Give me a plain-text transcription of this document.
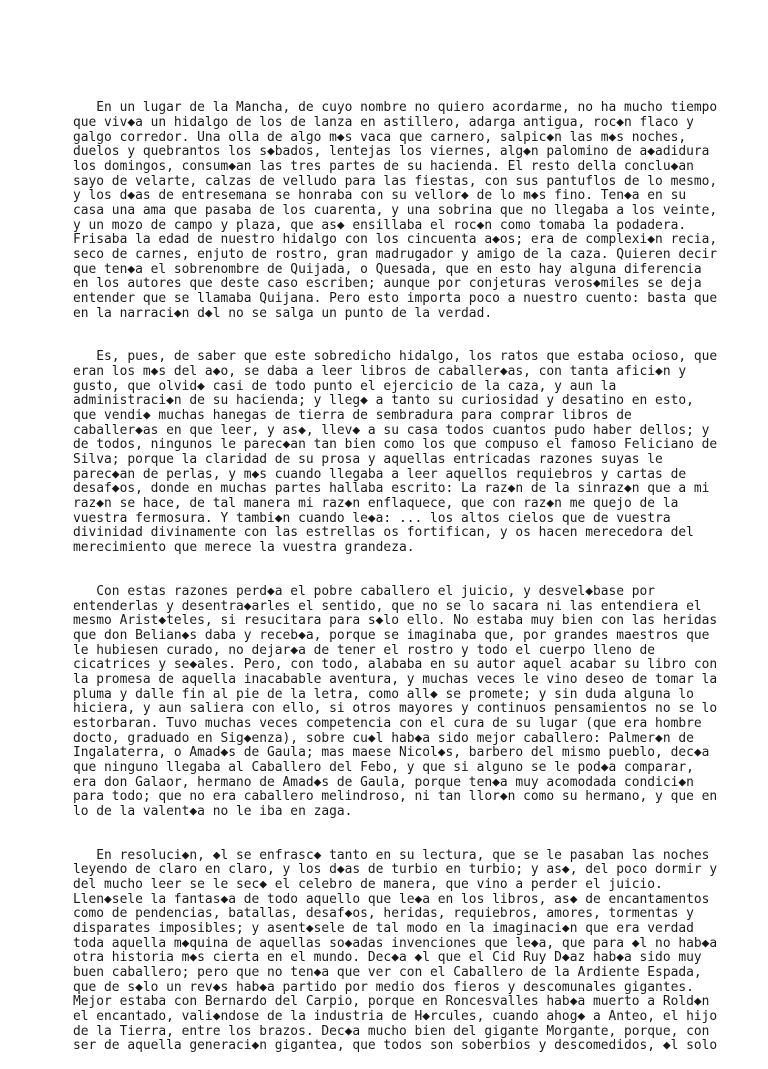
En un lugar de la Mancha, de cuyo nombre no quiero acordarme, no ha mucho tiempo
que viv◆a un hidalgo de los de lanza en astillero, adarga antigua, roc◆n flaco y
galgo corredor. Una olla de algo m◆s vaca que carnero, salpic◆n las m◆s noches,
duelos y quebrantos los s◆bados, lentejas los viernes, alg◆n palomino de a◆adidura
los domingos, consum◆an las tres partes de su hacienda. El resto della conclu◆an
sayo de velarte, calzas de velludo para las fiestas, con sus pantuflos de lo mesmo,
y los d◆as de entresemana se honraba con su vellor◆ de lo m◆s fino. Ten◆a en su
casa una ama que pasaba de los cuarenta, y una sobrina que no llegaba a los veinte,
y un mozo de campo y plaza, que as◆ ensillaba el roc◆n como tomaba la podadera.
Frisaba la edad de nuestro hidalgo con los cincuenta a◆os; era de complexi◆n recia,
seco de carnes, enjuto de rostro, gran madrugador y amigo de la caza. Quieren decir
que ten◆a el sobrenombre de Quijada, o Quesada, que en esto hay alguna diferencia
en los autores que deste caso escriben; aunque por conjeturas veros◆miles se deja
entender que se llamaba Quijana. Pero esto importa poco a nuestro cuento: basta que
en la narraci◆n d◆l no se salga un punto de la verdad.

Es, pues, de saber que este sobredicho hidalgo, los ratos que estaba ocioso, que
eran los m◆s del a◆o, se daba a leer libros de caballer◆as, con tanta afici◆n y
gusto, que olvid◆ casi de todo punto el ejercicio de la caza, y aun la
administraci◆n de su hacienda; y lleg◆ a tanto su curiosidad y desatino en esto,
que vendi◆ muchas hanegas de tierra de sembradura para comprar libros de
caballer◆as en que leer, y as◆, llev◆ a su casa todos cuantos pudo haber dellos; y
de todos, ningunos le parec◆an tan bien como los que compuso el famoso Feliciano de
Silva; porque la claridad de su prosa y aquellas entricadas razones suyas le
parec◆an de perlas, y m◆s cuando llegaba a leer aquellos requiebros y cartas de
desaf◆os, donde en muchas partes hallaba escrito: La raz◆n de la sinraz◆n que a mi
raz◆n se hace, de tal manera mi raz◆n enflaquece, que con raz◆n me quejo de la
vuestra fermosura. Y tambi◆n cuando le◆a: ... los altos cielos que de vuestra
divinidad divinamente con las estrellas os fortifican, y os hacen merecedora del
merecimiento que merece la vuestra grandeza.

Con estas razones perd◆a el pobre caballero el juicio, y desvel◆base por
entenderlas y desentra◆arles el sentido, que no se lo sacara ni las entendiera el
mesmo Arist◆teles, si resucitara para s◆lo ello. No estaba muy bien con las heridas
que don Belian◆s daba y receb◆a, porque se imaginaba que, por grandes maestros que
le hubiesen curado, no dejar◆a de tener el rostro y todo el cuerpo lleno de
cicatrices y se◆ales. Pero, con todo, alababa en su autor aquel acabar su libro con
la promesa de aquella inacabable aventura, y muchas veces le vino deseo de tomar la
pluma y dalle fin al pie de la letra, como all◆ se promete; y sin duda alguna lo
hiciera, y aun saliera con ello, si otros mayores y continuos pensamientos no se lo
estorbaran. Tuvo muchas veces competencia con el cura de su lugar (que era hombre
docto, graduado en Sig◆enza), sobre cu◆l hab◆a sido mejor caballero: Palmer◆n de
Ingalaterra, o Amad◆s de Gaula; mas maese Nicol◆s, barbero del mismo pueblo, dec◆a
que ninguno llegaba al Caballero del Febo, y que si alguno se le pod◆a comparar,
era don Galaor, hermano de Amad◆s de Gaula, porque ten◆a muy acomodada condici◆n
para todo; que no era caballero melindroso, ni tan llor◆n como su hermano, y que en
lo de la valent◆a no le iba en zaga.

En resoluci◆n, ◆l se enfrasc◆ tanto en su lectura, que se le pasaban las noches
leyendo de claro en claro, y los d◆as de turbio en turbio; y as◆, del poco dormir y
del mucho leer se le sec◆ el celebro de manera, que vino a perder el juicio.
Llen◆sele la fantas◆a de todo aquello que le◆a en los libros, as◆ de encantamentos
como de pendencias, batallas, desaf◆os, heridas, requiebros, amores, tormentas y
disparates imposibles; y asent◆sele de tal modo en la imaginaci◆n que era verdad
toda aquella m◆quina de aquellas so◆adas invenciones que le◆a, que para ◆l no hab◆a
otra historia m◆s cierta en el mundo. Dec◆a ◆l que el Cid Ruy D◆az hab◆a sido muy
buen caballero; pero que no ten◆a que ver con el Caballero de la Ardiente Espada,
que de s◆lo un rev◆s hab◆a partido por medio dos fieros y descomunales gigantes.
Mejor estaba con Bernardo del Carpio, porque en Roncesvalles hab◆a muerto a Rold◆n
el encantado, vali◆ndose de la industria de H◆rcules, cuando ahog◆ a Anteo, el hijo
de la Tierra, entre los brazos. Dec◆a mucho bien del gigante Morgante, porque, con
ser de aquella generaci◆n gigantea, que todos son soberbios y descomedidos, ◆l solo
